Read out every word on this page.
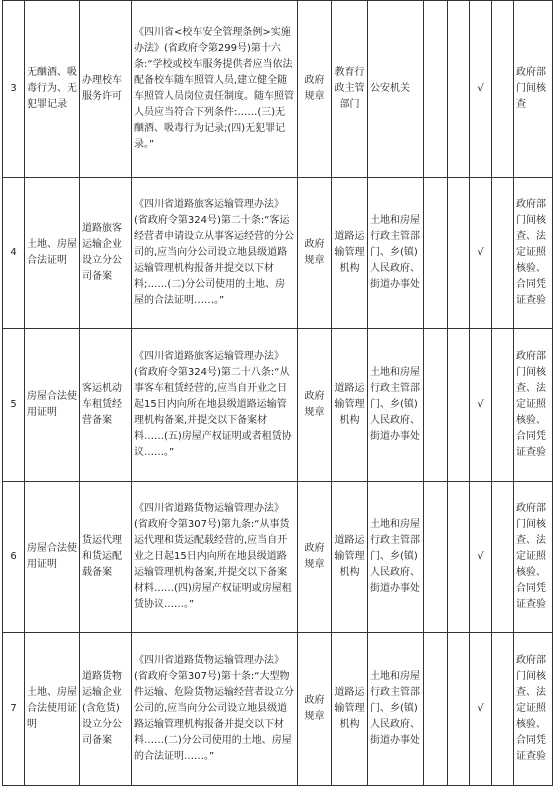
3	无酗酒、吸毒行为、无犯罪记录	办理校车服务许可	《四川省<校车安全管理条例>实施办法》(省政府令第299号)第十六条:“学校或校车服务提供者应当依法配备校车随车照管人员,建立健全随车照管人员岗位责任制度。随车照管人员应当符合下列条件:……(三)无酗酒、吸毒行为记录;(四)无犯罪记录。”	政府规章	教育行政主管部门	公安机关			√		政府部门间核查
4	土地、房屋合法证明	道路旅客运输企业设立分公司备案	《四川省道路旅客运输管理办法》(省政府令第324号)第二十条:“客运经营者申请设立从事客运经营的分公司的,应当向分公司设立地县级道路运输管理机构报备并提交以下材料;……(二)分公司使用的土地、房屋的合法证明……。”	政府规章	道路运输管理机构	土地和房屋行政主管部门、乡(镇)人民政府、街道办事处			√		政府部门间核查、法定证照核验、合同凭证查验
5	房屋合法使用证明	客运机动车租赁经营备案	《四川省道路旅客运输管理办法》(省政府令第324号)第二十八条:“从事客车租赁经营的,应当自开业之日起15日内向所在地县级道路运输管理机构备案,并提交以下备案材料……(五)房屋产权证明或者租赁协议……。”	政府规章	道路运输管理机构	土地和房屋行政主管部门、乡(镇)人民政府、街道办事处			√		政府部门间核查、法定证照核验、合同凭证查验
6	房屋合法使用证明	货运代理和货运配载备案	《四川省道路货物运输管理办法》(省政府令第307号)第九条:“从事货运代理和货运配载经营的,应当自开业之日起15日内向所在地县级道路运输管理机构备案,并提交以下备案材料……(四)房屋产权证明或房屋租赁协议……。”	政府规章	道路运输管理机构	土地和房屋行政主管部门、乡(镇)人民政府、街道办事处			√		政府部门间核查、法定证照核验、合同凭证查验
7	土地、房屋合法使用证明	道路货物运输企业(含危货)设立分公司备案	《四川省道路货物运输管理办法》(省政府令第307号)第十条:“大型物件运输、危险货物运输经营者设立分公司的,应当向分公司设立地县级道路运输管理机构报备并提交以下材料……(二)分公司使用的土地、房屋的合法证明……。”	政府规章	道路运输管理机构	土地和房屋行政主管部门、乡(镇)人民政府、街道办事处			√		政府部门间核查、法定证照核验、合同凭证查验
